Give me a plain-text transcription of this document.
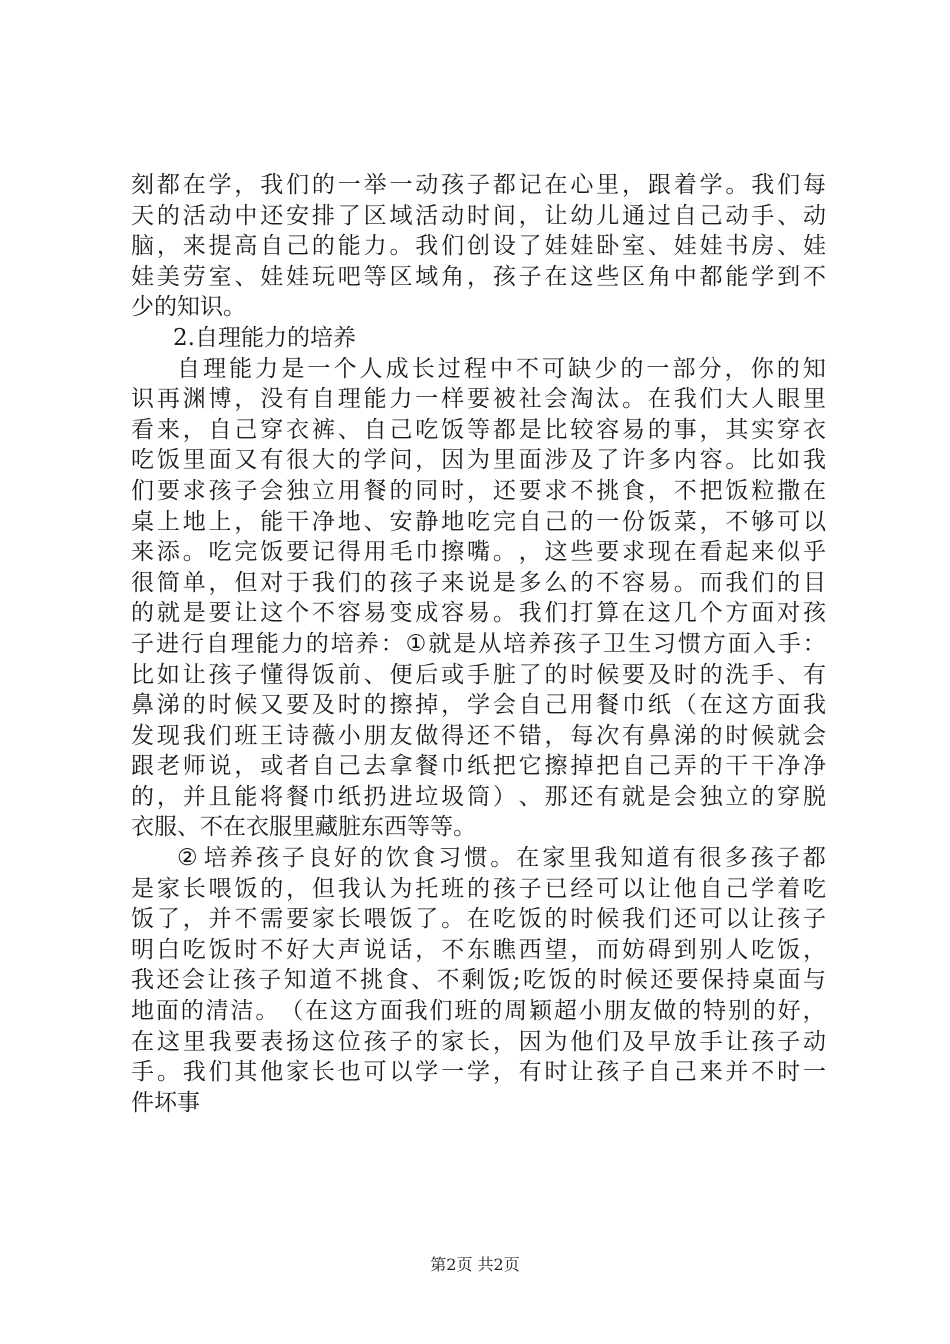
刻 都 在 学 ， 我 们 的 一 举 一 动 孩 子 都 记 在 心 里 ， 跟 着 学 。 我 们 每
天 的 活 动 中 还 安 排 了 区 域 活 动 时 间 ， 让 幼 儿 通 过 自 己 动 手 、 动
脑 ， 来 提 高 自 己 的 能 力 。 我 们 创 设 了 娃 娃 卧 室 、 娃 娃 书 房 、 娃
娃 美 劳 室 、 娃 娃 玩 吧 等 区 域 角 ， 孩 子 在 这 些 区 角 中 都 能 学 到 不
少的知识。
2.自理能力的培养
自 理 能 力 是 一 个 人 成 长 过 程 中 不 可 缺 少 的 一 部 分 ， 你 的 知
识 再 渊 博 ， 没 有 自 理 能 力 一 样 要 被 社 会 淘 汰 。 在 我 们 大 人 眼 里
看 来 ， 自 己 穿 衣 裤 、 自 己 吃 饭 等 都 是 比 较 容 易 的 事 ， 其 实 穿 衣
吃 饭 里 面 又 有 很 大 的 学 问 ， 因 为 里 面 涉 及 了 许 多 内 容 。 比 如 我
们 要 求 孩 子 会 独 立 用 餐 的 同 时 ， 还 要 求 不 挑 食 ， 不 把 饭 粒 撒 在
桌 上 地 上 ， 能 干 净 地 、 安 静 地 吃 完 自 己 的 一 份 饭 菜 ， 不 够 可 以
来 添 。 吃 完 饭 要 记 得 用 毛 巾 擦 嘴 。 ， 这 些 要 求 现 在 看 起 来 似 乎
很 简 单 ， 但 对 于 我 们 的 孩 子 来 说 是 多 么 的 不 容 易 。 而 我 们 的 目
的 就 是 要 让 这 个 不 容 易 变 成 容 易 。 我 们 打 算 在 这 几 个 方 面 对 孩
子 进 行 自 理 能 力 的 培 养 ： ① 就 是 从 培 养 孩 子 卫 生 习 惯 方 面 入 手 ：
比 如 让 孩 子 懂 得 饭 前 、 便 后 或 手 脏 了 的 时 候 要 及 时 的 洗 手 、 有
鼻 涕 的 时 候 又 要 及 时 的 擦 掉 ， 学 会 自 己 用 餐 巾 纸 （ 在 这 方 面 我
发 现 我 们 班 王 诗 薇 小 朋 友 做 得 还 不 错 ， 每 次 有 鼻 涕 的 时 候 就 会
跟 老 师 说 ， 或 者 自 己 去 拿 餐 巾 纸 把 它 擦 掉 把 自 己 弄 的 干 干 净 净
的 ， 并 且 能 将 餐 巾 纸 扔 进 垃 圾 筒 ） 、 那 还 有 就 是 会 独 立 的 穿 脱
衣服、不在衣服里藏脏东西等等。
② 培 养 孩 子 良 好 的 饮 食 习 惯 。 在 家 里 我 知 道 有 很 多 孩 子 都
是 家 长 喂 饭 的 ， 但 我 认 为 托 班 的 孩 子 已 经 可 以 让 他 自 己 学 着 吃
饭 了 ， 并 不 需 要 家 长 喂 饭 了 。 在 吃 饭 的 时 候 我 们 还 可 以 让 孩 子
明 白 吃 饭 时 不 好 大 声 说 话 ， 不 东 瞧 西 望 ， 而 妨 碍 到 别 人 吃 饭 ，
我 还 会 让 孩 子 知 道 不 挑 食 、 不 剩 饭 ; 吃 饭 的 时 候 还 要 保 持 桌 面 与
地 面 的 清 洁 。 （ 在 这 方 面 我 们 班 的 周 颖 超 小 朋 友 做 的 特 别 的 好 ，
在 这 里 我 要 表 扬 这 位 孩 子 的 家 长 ， 因 为 他 们 及 早 放 手 让 孩 子 动
手 。 我 们 其 他 家 长 也 可 以 学 一 学 ， 有 时 让 孩 子 自 己 来 并 不 时 一
件坏事
第2页 共2页
